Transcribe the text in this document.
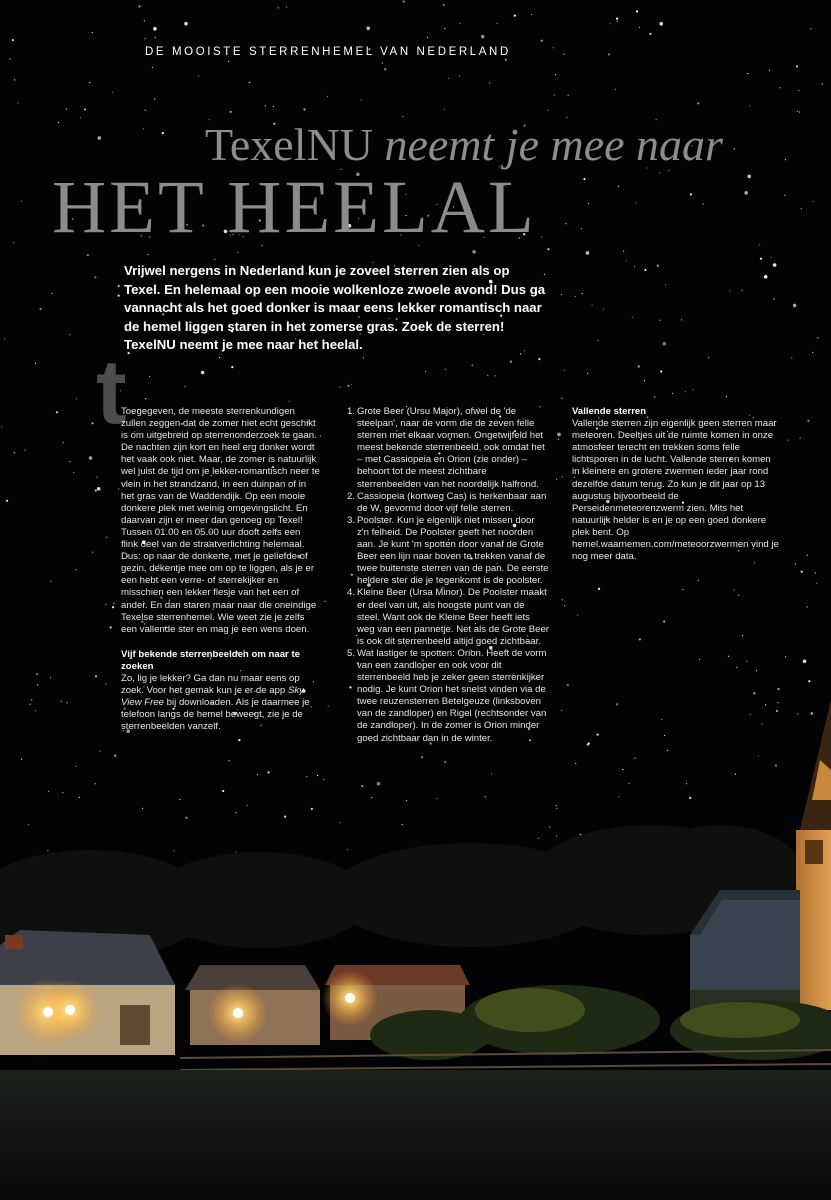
DE MOOISTE STERRENHEMEL VAN NEDERLAND
TexelNU neemt je mee naar
HET HEELAL
Vrijwel nergens in Nederland kun je zoveel sterren zien als op Texel. En helemaal op een mooie wolkenloze zwoele avond! Dus ga vannacht als het goed donker is maar eens lekker romantisch naar de hemel liggen staren in het zomerse gras. Zoek de sterren! TexelNU neemt je mee naar het heelal.
t

Toegegeven, de meeste sterrenkundigen zullen zeggen dat de zomer niet echt geschikt is om uitgebreid op sterrenonderzoek te gaan. De nachten zijn kort en heel erg donker wordt het vaak ook niet. Maar, de zomer is natuurlijk wel juist de tijd om je lekker romantisch neer te vlein in het strandzand, in een duinpan of in het gras van de Waddendijk. Op een mooie donkere plek met weinig omgevingslicht. En daarvan zijn er meer dan genoeg op Texel! Tussen 01.00 en 05.00 uur dooft zelfs een flink deel van de straatverlichting helemaal. Dus: op naar de donkerte, met je geliefde of gezin, dekentje mee om op te liggen, als je er een hebt een verre- of sterrekijker en misschien een lekker flesje van het een of ander. En dan staren maar naar die oneindige Texelse sterrenhemel. Wie weet zie je zelfs een vallende ster en mag je een wens doen.

Vijf bekende sterrenbeelden om naar te zoeken

Zo, lig je lekker? Ga dan nu maar eens op zoek. Voor het gemak kun je er de app Sky View Free bij downloaden. Als je daarmee je telefoon langs de hemel beweegt, zie je de sterrenbeelden vanzelf.

1. Grote Beer (Ursu Major), ofwel de 'de steelpan', naar de vorm die de zeven felle sterren met elkaar vormen. Ongetwijfeld het meest bekende sterrenbeeld, ook omdat het – met Cassiopeia en Orion (zie onder) – behoort tot de meest zichtbare sterrenbeelden van het noordelijk halfrond.
2. Cassiopeia (kortweg Cas) is herkenbaar aan de W, gevormd door vijf felle sterren.
3. Poolster. Kun je eigenlijk niet missen door z'n felheid. De Poolster geeft het noorden aan. Je kunt 'm spotten door vanaf de Grote Beer een lijn naar boven te trekken vanaf de twee buitenste sterren van de pan. De eerste heldere ster die je tegenkomt is de poolster.
4. Kleine Beer (Ursa Minor). De Poolster maakt er deel van uit, als hoogste punt van de steel. Want ook de Kleine Beer heeft iets weg van een pannetje. Net als de Grote Beer is ook dit sterrenbeeld altijd goed zichtbaar.
5. Wat lastiger te spotten: Orion. Heeft de vorm van een zandloper en ook voor dit sterrenbeeld heb je zeker geen sterrenkijker nodig. Je kunt Orion het snelst vinden via de twee reuzensterren Betelgeuze (linksboven van de zandloper) en Rigel (rechtsonder van de zandloper). In de zomer is Orion minder goed zichtbaar dan in de winter.

Vallende sterren

Vallende sterren zijn eigenlijk geen sterren maar meteoren. Deeltjes uit de ruimte komen in onze atmosfeer terecht en trekken soms felle lichtsporen in de lucht. Vallende sterren komen in kleinere en grotere zwermen ieder jaar rond dezelfde datum terug. Zo kun je dit jaar op 13 augustus bijvoorbeeld de Perseidenmeteorenzwerm zien. Mits het natuurlijk helder is en je op een goed donkere plek bent. Op hemel.waarnemen.com/meteoorzwermen vind je nog meer data.
